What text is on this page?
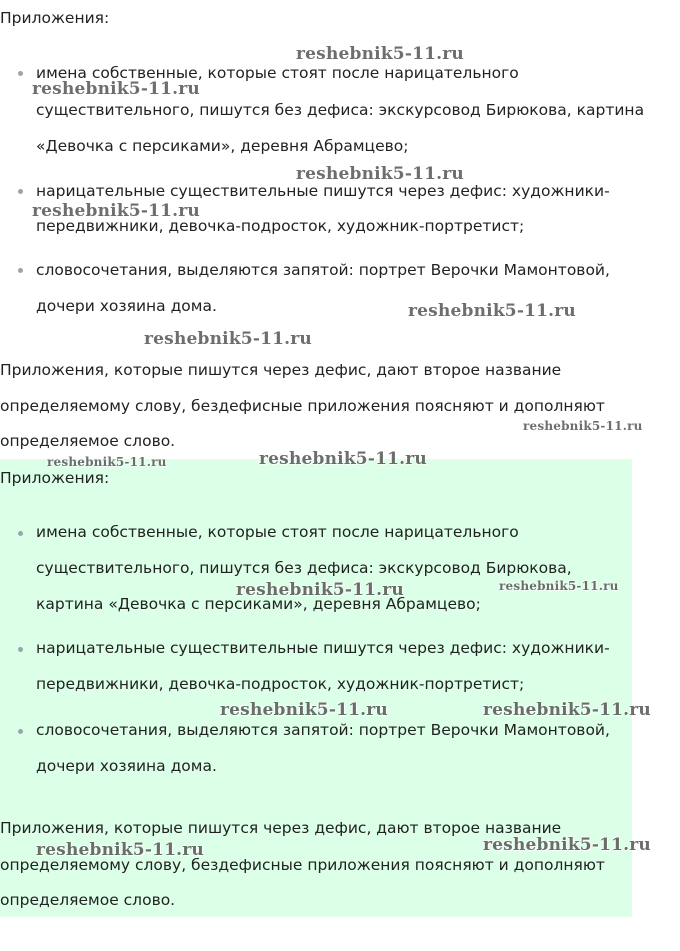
Приложения:

имена собственные, которые стоят после нарицательного

существительного, пишутся без дефиса: экскурсовод Бирюкова, картина

«Девочка с персиками», деревня Абрамцево;

нарицательные существительные пишутся через дефис: художники-

передвижники, девочка-подросток, художник-портретист;

словосочетания, выделяются запятой: портрет Верочки Мамонтовой,

дочери хозяина дома.

Приложения, которые пишутся через дефис, дают второе название

определяемому слову, бездефисные приложения поясняют и дополняют

определяемое слово.

Приложения:

имена собственные, которые стоят после нарицательного

существительного, пишутся без дефиса: экскурсовод Бирюкова,

картина «Девочка с персиками», деревня Абрамцево;

нарицательные существительные пишутся через дефис: художники-

передвижники, девочка-подросток, художник-портретист;

словосочетания, выделяются запятой: портрет Верочки Мамонтовой,

дочери хозяина дома.

Приложения, которые пишутся через дефис, дают второе название

определяемому слову, бездефисные приложения поясняют и дополняют

определяемое слово.

reshebnik5-11.ru
reshebnik5-11.ru
reshebnik5-11.ru
reshebnik5-11.ru
reshebnik5-11.ru
reshebnik5-11.ru
reshebnik5-11.ru
reshebnik5-11.ru
reshebnik5-11.ru
reshebnik5-11.ru	reshebnik5-11.ru
reshebnik5-11.ru	reshebnik5-11.ru
reshebnik5-11.ru	reshebnik5-11.ru
